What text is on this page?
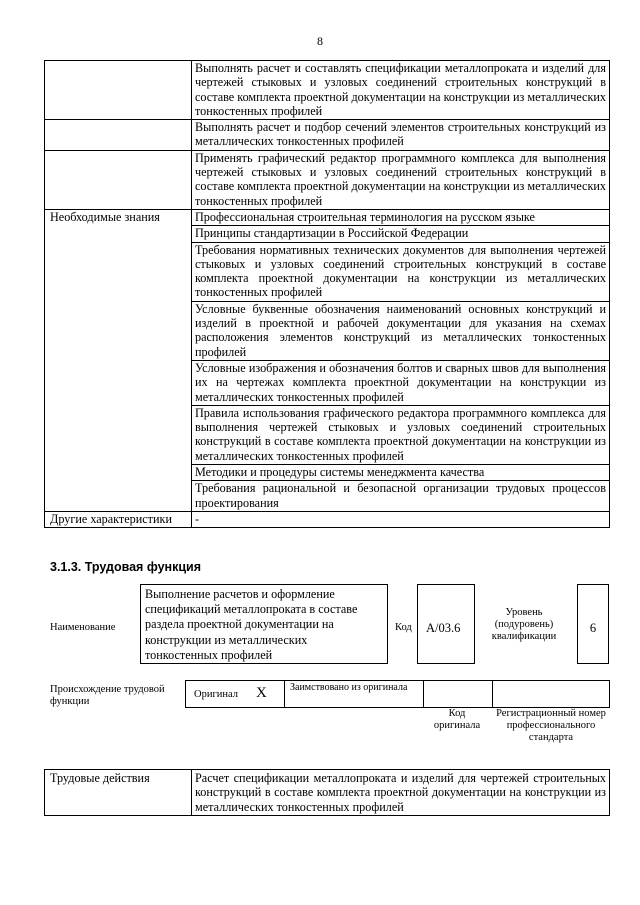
8
	Выполнять расчет и составлять спецификации металлопроката и изделий для чертежей стыковых и узловых соединений строительных конструкций в составе комплекта проектной документации на конструкции из металлических тонкостенных профилей
	Выполнять расчет и подбор сечений элементов строительных конструкций из металлических тонкостенных профилей
	Применять графический редактор программного комплекса для выполнения чертежей стыковых и узловых соединений строительных конструкций в составе комплекта проектной документации на конструкции из металлических тонкостенных профилей
Необходимые знания	Профессиональная строительная терминология на русском языке
	Принципы стандартизации в Российской Федерации
	Требования нормативных технических документов для выполнения чертежей стыковых и узловых соединений строительных конструкций в составе комплекта проектной документации на конструкции из металлических тонкостенных профилей
	Условные буквенные обозначения наименований основных конструкций и изделий в проектной и рабочей документации для указания на схемах расположения элементов конструкций из металлических тонкостенных профилей
	Условные изображения и обозначения болтов и сварных швов для выполнения их на чертежах комплекта проектной документации на конструкции из металлических тонкостенных профилей
	Правила использования графического редактора программного комплекса для выполнения чертежей стыковых и узловых соединений строительных конструкций в составе комплекта проектной документации на конструкции из металлических тонкостенных профилей
	Методики и процедуры системы менеджмента качества
	Требования рациональной и безопасной организации трудовых процессов проектирования
Другие характеристики	-
3.1.3. Трудовая функция
Наименование
Выполнение расчетов и оформление спецификаций металлопроката в составе раздела проектной документации на конструкции из металлических тонкостенных профилей
Код	А/03.6
Уровень (подуровень) квалификации
6
Происхождение трудовой функции
Оригинал X Заимствовано из оригинала
Код оригинала
Регистрационный номер профессионального стандарта
Трудовые действия	Расчет спецификации металлопроката и изделий для чертежей строительных конструкций в составе комплекта проектной документации на конструкции из металлических тонкостенных профилей
